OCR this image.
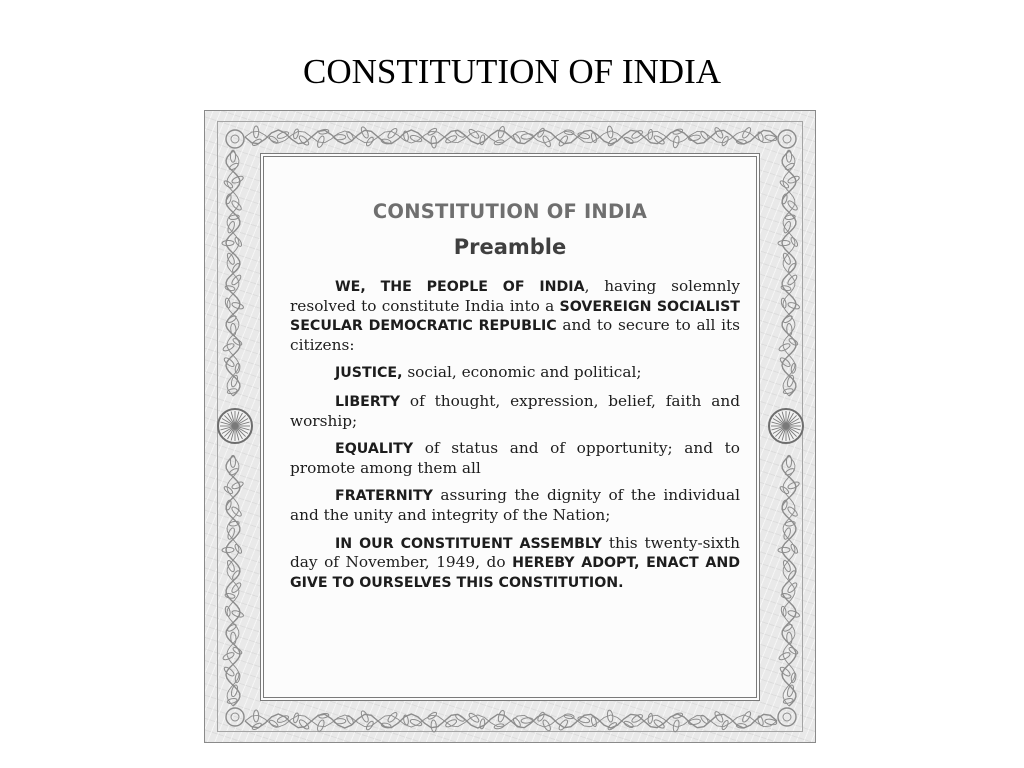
CONSTITUTION OF INDIA
CONSTITUTION OF INDIA
Preamble

WE, THE PEOPLE OF INDIA, having solemnly resolved to constitute India into a SOVEREIGN SOCIALIST SECULAR DEMOCRATIC REPUBLIC and to secure to all its citizens:

JUSTICE, social, economic and political;

LIBERTY of thought, expression, belief, faith and worship;

EQUALITY of status and of opportunity; and to promote among them all

FRATERNITY assuring the dignity of the individual and the unity and integrity of the Nation;

IN OUR CONSTITUENT ASSEMBLY this twenty-sixth day of November, 1949, do HEREBY ADOPT, ENACT AND GIVE TO OURSELVES THIS CONSTITUTION.
